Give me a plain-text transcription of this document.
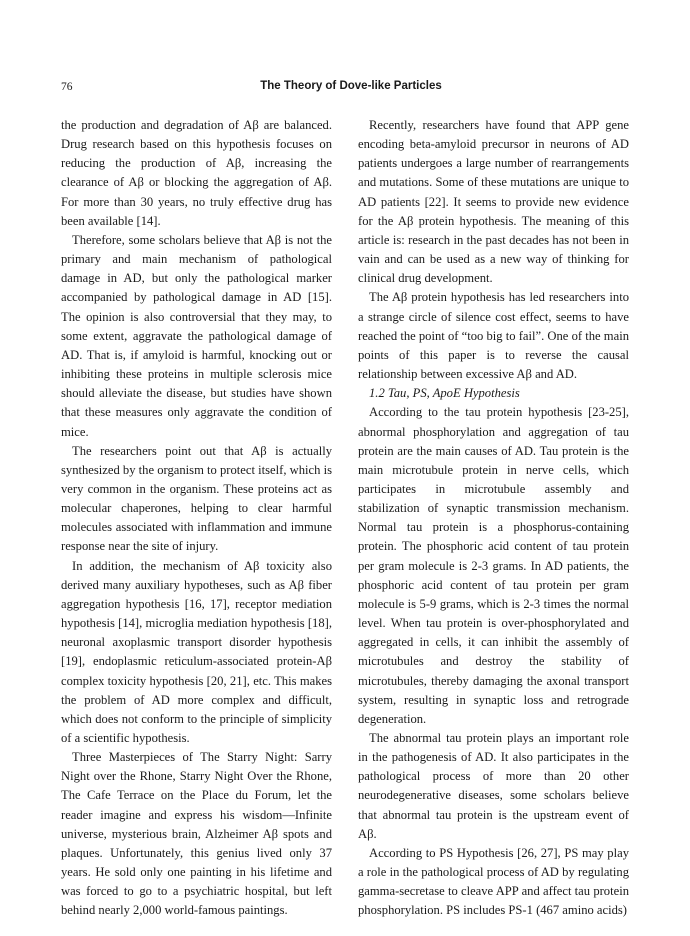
76	The Theory of Dove-like Particles

the production and degradation of Aβ are balanced. Drug research based on this hypothesis focuses on reducing the production of Aβ, increasing the clearance of Aβ or blocking the aggregation of Aβ. For more than 30 years, no truly effective drug has been available [14].

Therefore, some scholars believe that Aβ is not the primary and main mechanism of pathological damage in AD, but only the pathological marker accompanied by pathological damage in AD [15]. The opinion is also controversial that they may, to some extent, aggravate the pathological damage of AD. That is, if amyloid is harmful, knocking out or inhibiting these proteins in multiple sclerosis mice should alleviate the disease, but studies have shown that these measures only aggravate the condition of mice.

The researchers point out that Aβ is actually synthesized by the organism to protect itself, which is very common in the organism. These proteins act as molecular chaperones, helping to clear harmful molecules associated with inflammation and immune response near the site of injury.

In addition, the mechanism of Aβ toxicity also derived many auxiliary hypotheses, such as Aβ fiber aggregation hypothesis [16, 17], receptor mediation hypothesis [14], microglia mediation hypothesis [18], neuronal axoplasmic transport disorder hypothesis [19], endoplasmic reticulum-associated protein-Aβ complex toxicity hypothesis [20, 21], etc. This makes the problem of AD more complex and difficult, which does not conform to the principle of simplicity of a scientific hypothesis.

Three Masterpieces of The Starry Night: Sarry Night over the Rhone, Starry Night Over the Rhone, The Cafe Terrace on the Place du Forum, let the reader imagine and express his wisdom—Infinite universe, mysterious brain, Alzheimer Aβ spots and plaques. Unfortunately, this genius lived only 37 years. He sold only one painting in his lifetime and was forced to go to a psychiatric hospital, but left behind nearly 2,000 world-famous paintings.

Recently, researchers have found that APP gene encoding beta-amyloid precursor in neurons of AD patients undergoes a large number of rearrangements and mutations. Some of these mutations are unique to AD patients [22]. It seems to provide new evidence for the Aβ protein hypothesis. The meaning of this article is: research in the past decades has not been in vain and can be used as a new way of thinking for clinical drug development.

The Aβ protein hypothesis has led researchers into a strange circle of silence cost effect, seems to have reached the point of “too big to fail”. One of the main points of this paper is to reverse the causal relationship between excessive Aβ and AD.

1.2 Tau, PS, ApoE Hypothesis

According to the tau protein hypothesis [23-25], abnormal phosphorylation and aggregation of tau protein are the main causes of AD. Tau protein is the main microtubule protein in nerve cells, which participates in microtubule assembly and stabilization of synaptic transmission mechanism. Normal tau protein is a phosphorus-containing protein. The phosphoric acid content of tau protein per gram molecule is 2-3 grams. In AD patients, the phosphoric acid content of tau protein per gram molecule is 5-9 grams, which is 2-3 times the normal level. When tau protein is over-phosphorylated and aggregated in cells, it can inhibit the assembly of microtubules and destroy the stability of microtubules, thereby damaging the axonal transport system, resulting in synaptic loss and retrograde degeneration.

The abnormal tau protein plays an important role in the pathogenesis of AD. It also participates in the pathological process of more than 20 other neurodegenerative diseases, some scholars believe that abnormal tau protein is the upstream event of Aβ.

According to PS Hypothesis [26, 27], PS may play a role in the pathological process of AD by regulating gamma-secretase to cleave APP and affect tau protein phosphorylation. PS includes PS-1 (467 amino acids)
